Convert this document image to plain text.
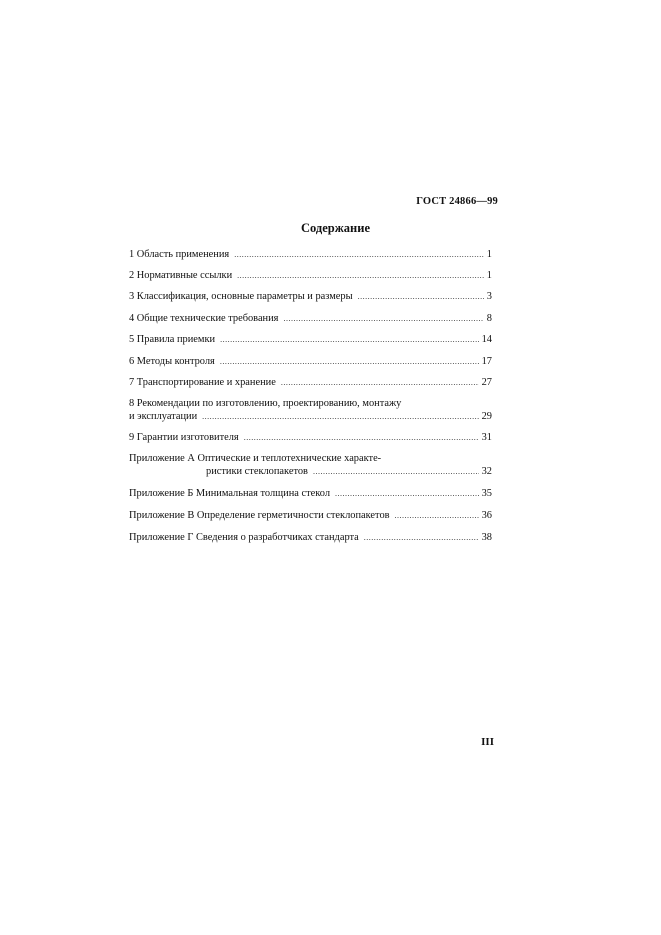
ГОСТ 24866—99
Содержание
1 Область применения .....	1
2 Нормативные ссылки .....	1
3 Классификация, основные параметры и размеры .....	3
4 Общие технические требования .....	8
5 Правила приемки .....	14
6 Методы контроля .....	17
7 Транспортирование и хранение .....	27
8 Рекомендации по изготовлению, проектированию, монтажу
и эксплуатации .....	29
9 Гарантии изготовителя .....	31
Приложение А Оптические и теплотехнические характе-
ристики стеклопакетов .....	32
Приложение Б Минимальная толщина стекол .....	35
Приложение В Определение герметичности стеклопакетов .....	36
Приложение Г Сведения о разработчиках стандарта .....	38
III
